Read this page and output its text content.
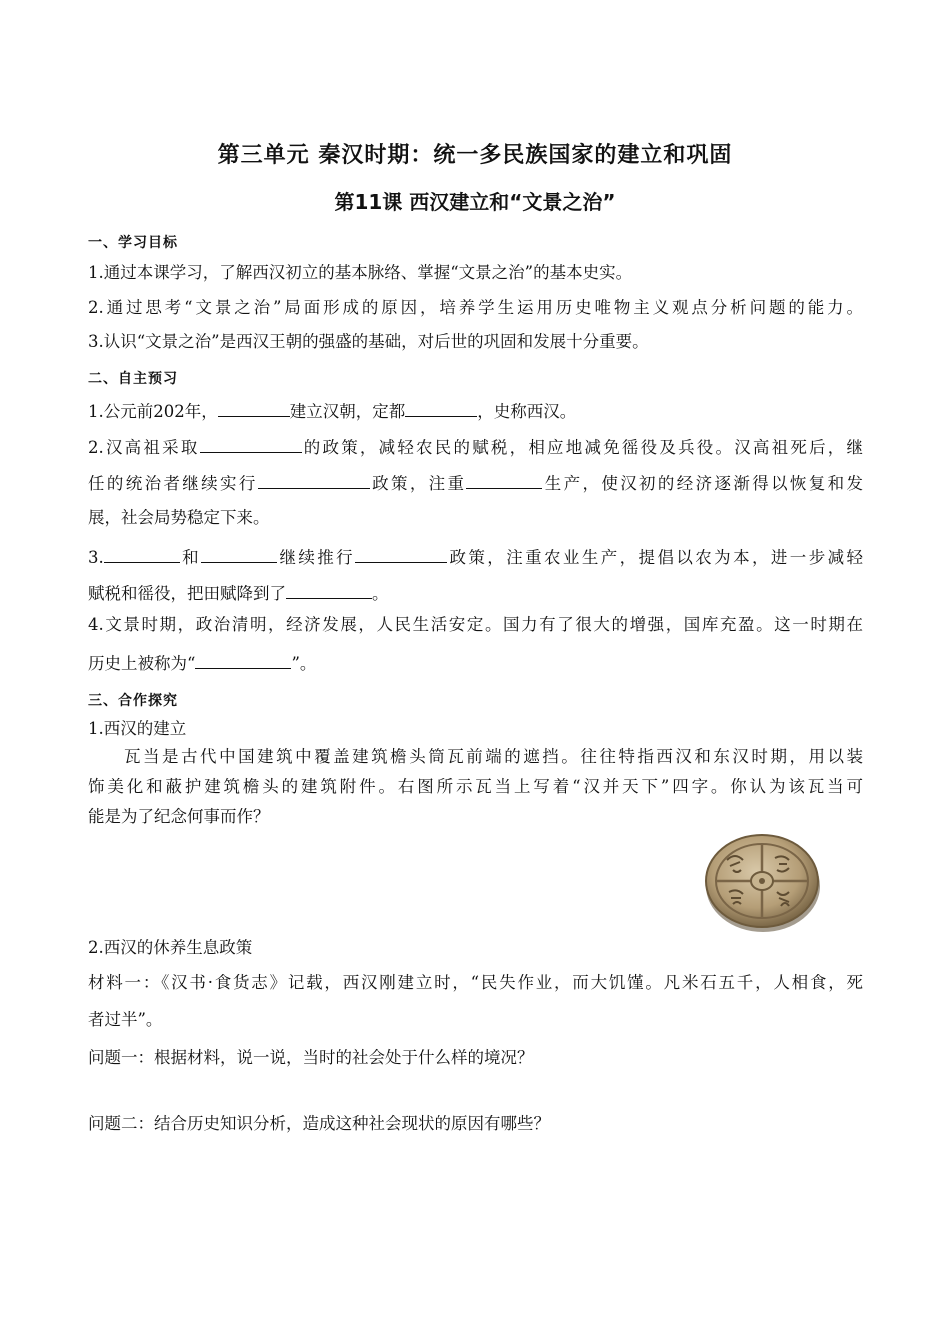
第三单元 秦汉时期：统一多民族国家的建立和巩固
第11课 西汉建立和“文景之治”
一、学习目标
1.通过本课学习，了解西汉初立的基本脉络、掌握“文景之治”的基本史实。
2.通过思考“文景之治”局面形成的原因，培养学生运用历史唯物主义观点分析问题的能力。
3.认识“文景之治”是西汉王朝的强盛的基础，对后世的巩固和发展十分重要。
二、自主预习
1.公元前202年，	建立汉朝，定都	，史称西汉。
2.汉高祖采取	的政策，减轻农民的赋税，相应地减免徭役及兵役。汉高祖死后，继
任的统治者继续实行	政策，注重	生产，使汉初的经济逐渐得以恢复和发
展，社会局势稳定下来。
3.	和	继续推行	政策，注重农业生产，提倡以农为本，进一步减轻
赋税和徭役，把田赋降到了	。
4.文景时期，政治清明，经济发展，人民生活安定。国力有了很大的增强，国库充盈。这一时期在
历史上被称为“	”。
三、合作探究
1.西汉的建立
瓦当是古代中国建筑中覆盖建筑檐头筒瓦前端的遮挡。往往特指西汉和东汉时期，用以装
饰美化和蔽护建筑檐头的建筑附件。右图所示瓦当上写着“汉并天下”四字。你认为该瓦当可
能是为了纪念何事而作？
2.西汉的休养生息政策
材料一：《汉书·食货志》记载，西汉刚建立时，“民失作业，而大饥馑。凡米石五千，人相食，死
者过半”。
问题一：根据材料，说一说，当时的社会处于什么样的境况？
问题二：结合历史知识分析，造成这种社会现状的原因有哪些？
